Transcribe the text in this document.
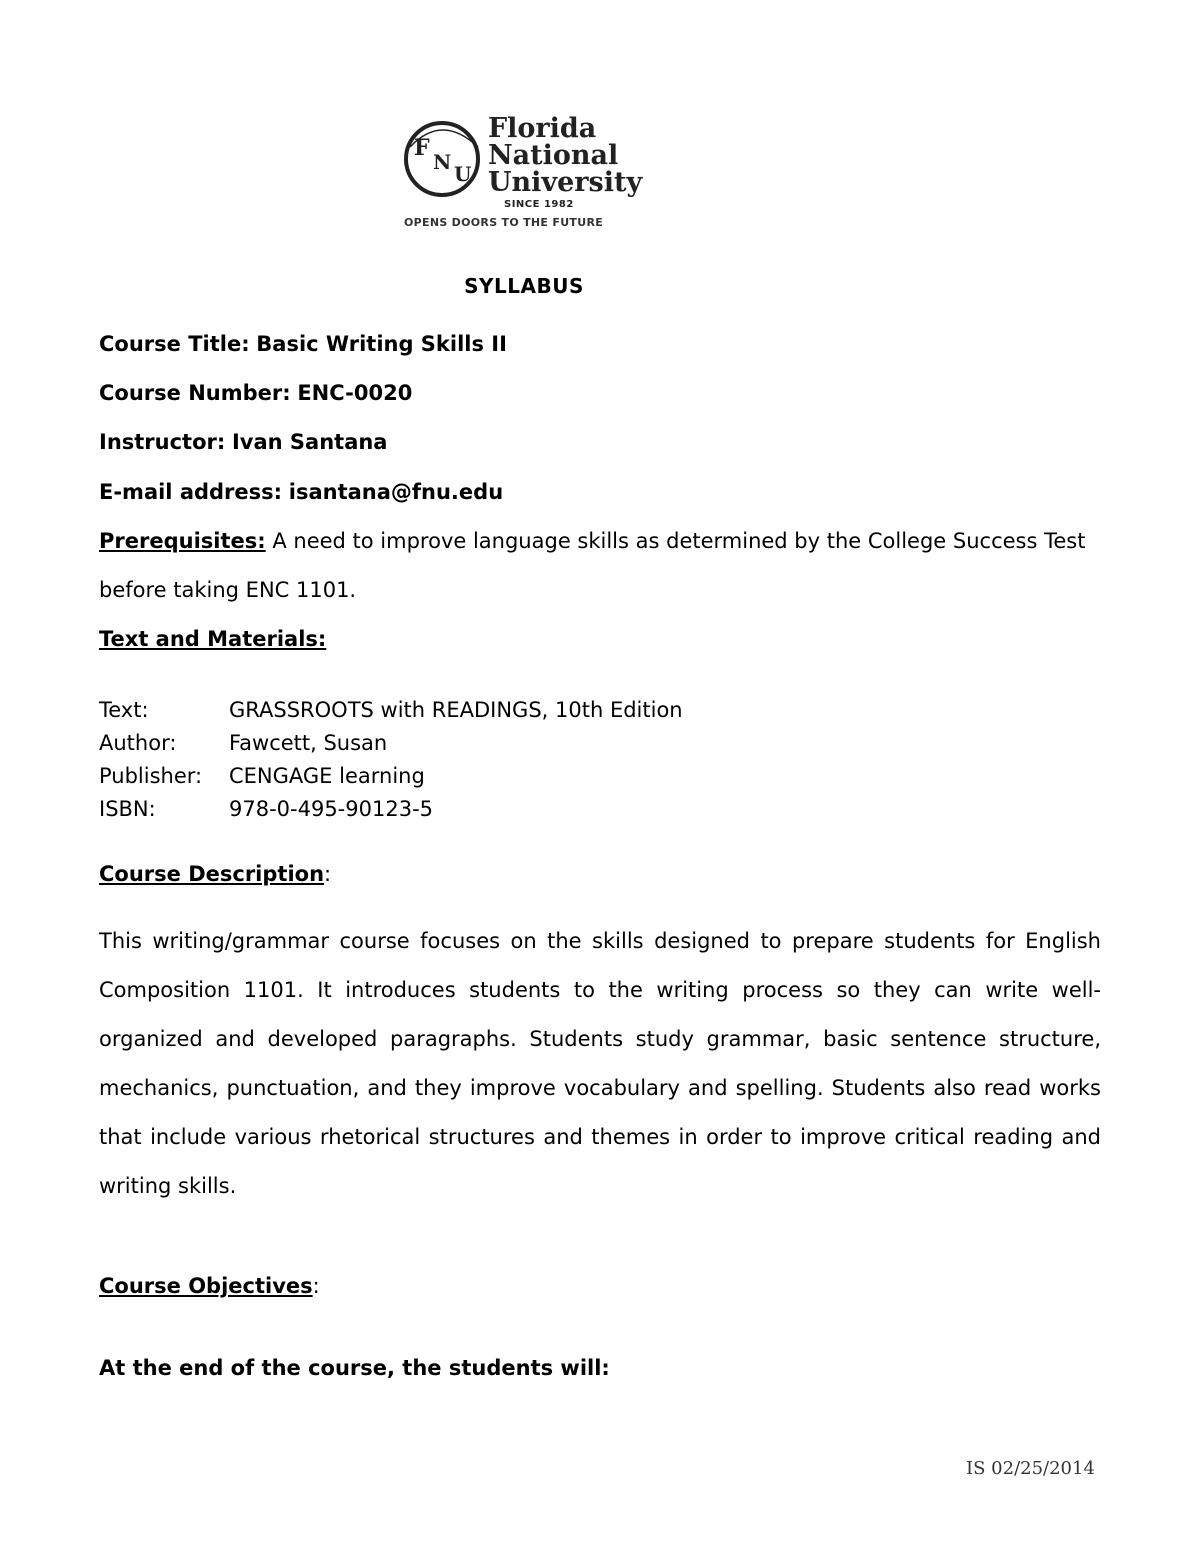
F
N U
Florida
National
University
SINCE 1982
OPENS DOORS TO THE FUTURE
SYLLABUS
Course Title: Basic Writing Skills II
Course Number: ENC-0020
Instructor: Ivan Santana
E-mail address: isantana@fnu.edu
Prerequisites: A need to improve language skills as determined by the College Success Test
before taking ENC 1101.
Text and Materials:
Text:	GRASSROOTS with READINGS, 10th Edition
Author:	Fawcett, Susan
Publisher: CENGAGE learning
ISBN:	978-0-495-90123-5
Course Description:
This writing/grammar course focuses on the skills designed to prepare students for English Composition 1101. It introduces students to the writing process so they can write well-organized and developed paragraphs. Students study grammar, basic sentence structure, mechanics, punctuation, and they improve vocabulary and spelling. Students also read works that include various rhetorical structures and themes in order to improve critical reading and writing skills.
Course Objectives:
At the end of the course, the students will:
IS 02/25/2014
